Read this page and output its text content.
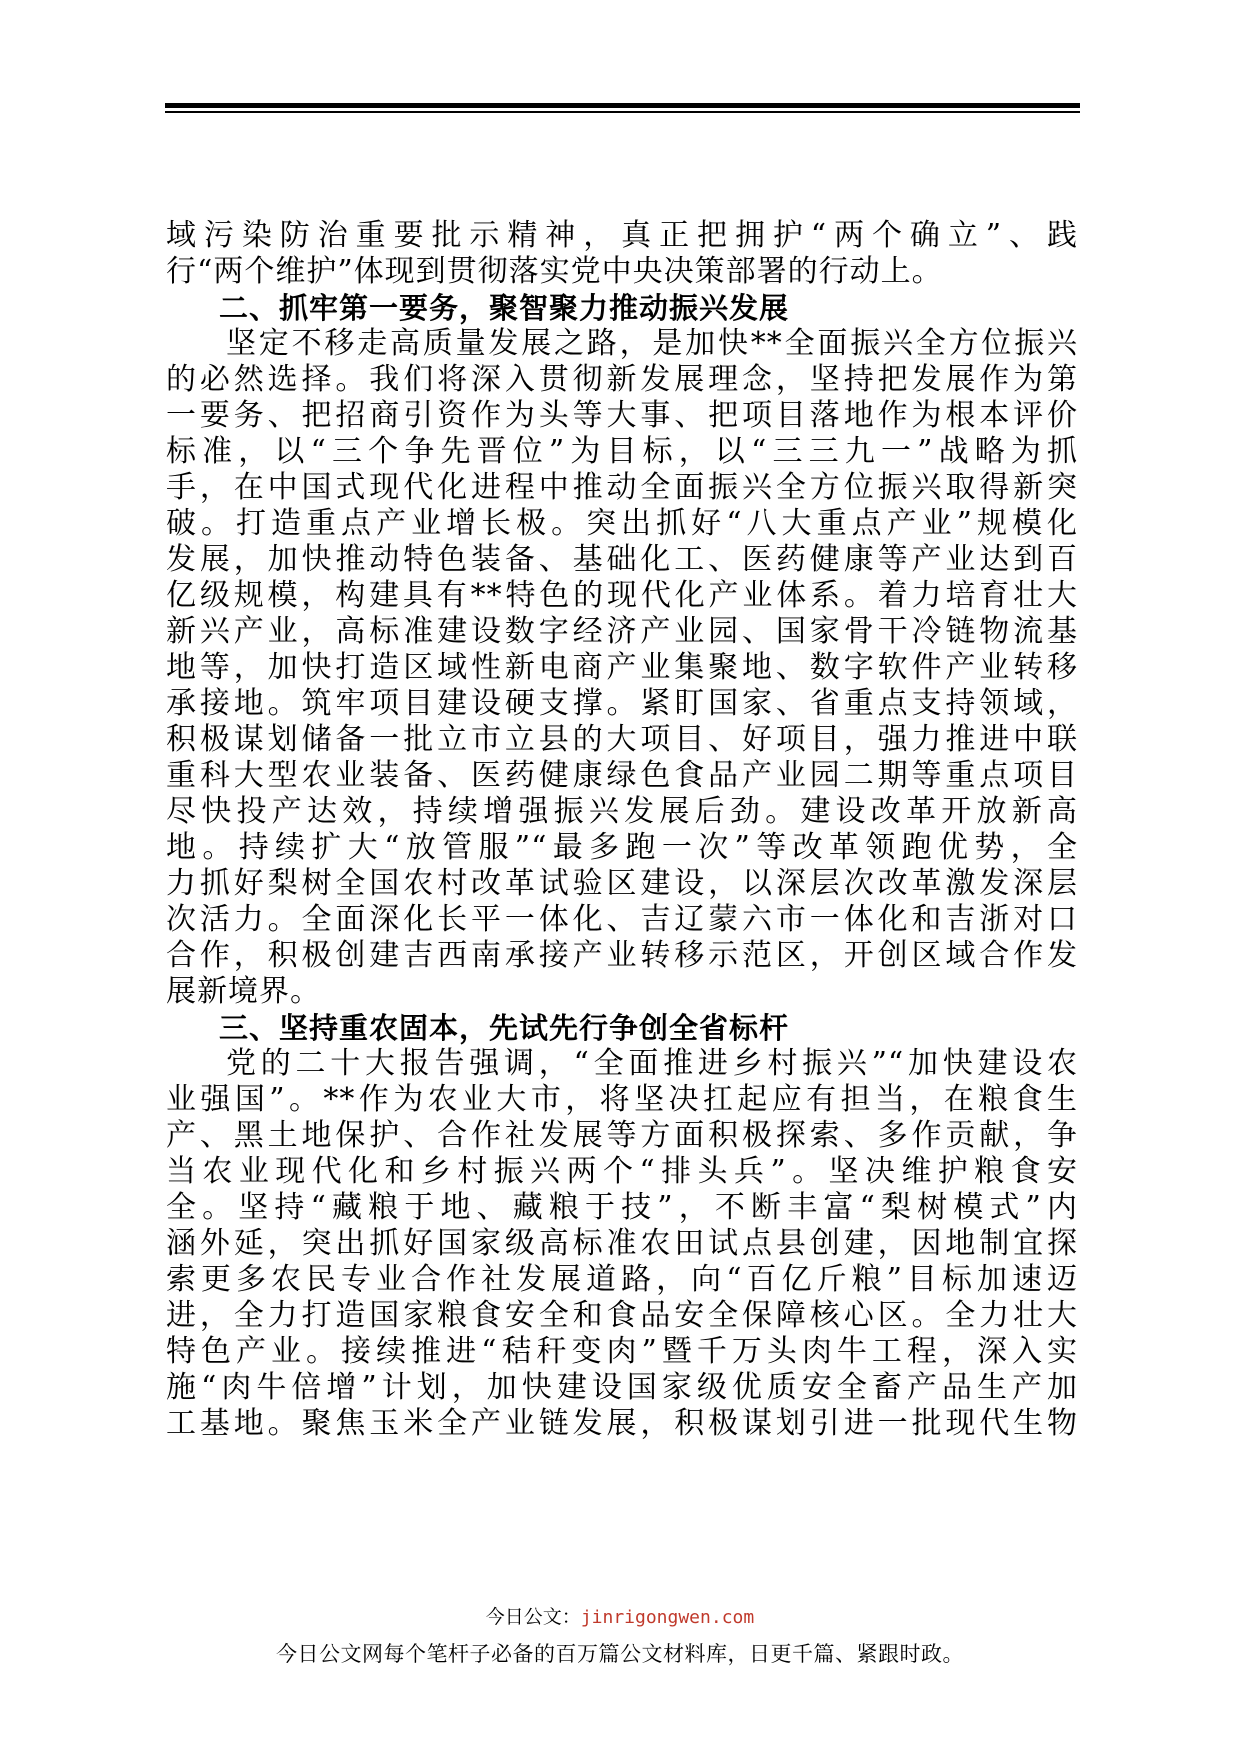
域污染防治重要批示精神，真正把拥护“两个确立”、践
行“两个维护”体现到贯彻落实党中央决策部署的行动上。
二、抓牢第一要务，聚智聚力推动振兴发展
坚定不移走高质量发展之路，是加快**全面振兴全方位振兴
的必然选择。我们将深入贯彻新发展理念，坚持把发展作为第
一要务、把招商引资作为头等大事、把项目落地作为根本评价
标准，以“三个争先晋位”为目标，以“三三九一”战略为抓
手，在中国式现代化进程中推动全面振兴全方位振兴取得新突
破。打造重点产业增长极。突出抓好“八大重点产业”规模化
发展，加快推动特色装备、基础化工、医药健康等产业达到百
亿级规模，构建具有**特色的现代化产业体系。着力培育壮大
新兴产业，高标准建设数字经济产业园、国家骨干冷链物流基
地等，加快打造区域性新电商产业集聚地、数字软件产业转移
承接地。筑牢项目建设硬支撑。紧盯国家、省重点支持领域，
积极谋划储备一批立市立县的大项目、好项目，强力推进中联
重科大型农业装备、医药健康绿色食品产业园二期等重点项目
尽快投产达效，持续增强振兴发展后劲。建设改革开放新高
地。持续扩大“放管服”“最多跑一次”等改革领跑优势，全
力抓好梨树全国农村改革试验区建设，以深层次改革激发深层
次活力。全面深化长平一体化、吉辽蒙六市一体化和吉浙对口
合作，积极创建吉西南承接产业转移示范区，开创区域合作发
展新境界。
三、坚持重农固本，先试先行争创全省标杆
党的二十大报告强调，“全面推进乡村振兴”“加快建设农
业强国”。**作为农业大市，将坚决扛起应有担当，在粮食生
产、黑土地保护、合作社发展等方面积极探索、多作贡献，争
当农业现代化和乡村振兴两个“排头兵”。坚决维护粮食安
全。坚持“藏粮于地、藏粮于技”，不断丰富“梨树模式”内
涵外延，突出抓好国家级高标准农田试点县创建，因地制宜探
索更多农民专业合作社发展道路，向“百亿斤粮”目标加速迈
进，全力打造国家粮食安全和食品安全保障核心区。全力壮大
特色产业。接续推进“秸秆变肉”暨千万头肉牛工程，深入实
施“肉牛倍增”计划，加快建设国家级优质安全畜产品生产加
工基地。聚焦玉米全产业链发展，积极谋划引进一批现代生物
今日公文：jinrigongwen.com
今日公文网每个笔杆子必备的百万篇公文材料库，日更千篇、紧跟时政。
